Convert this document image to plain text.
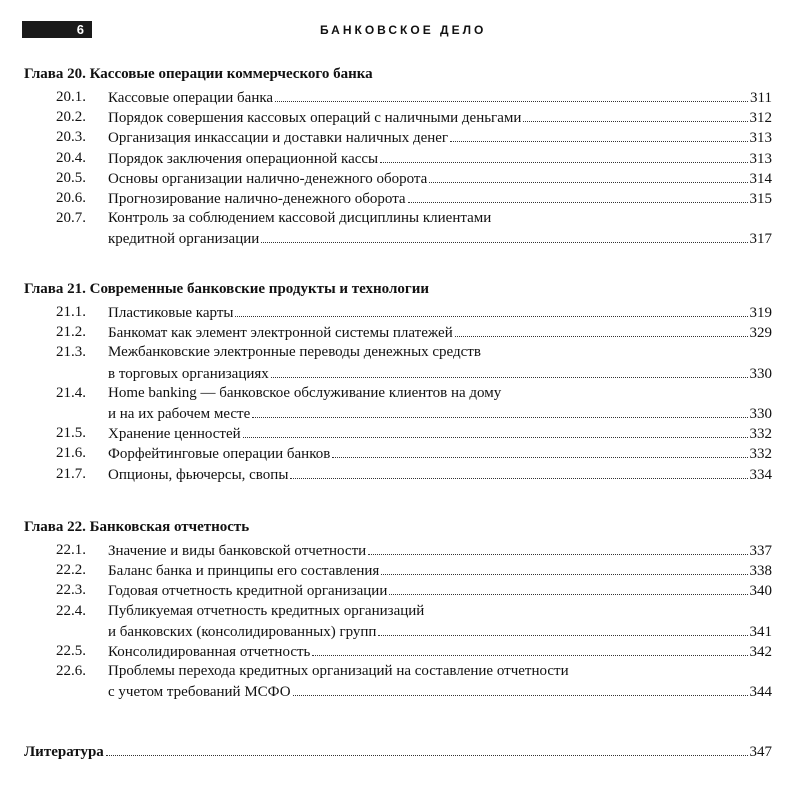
6	БАНКОВСКОЕ ДЕЛО
Глава 20. Кассовые операции коммерческого банка
20.1.	Кассовые операции банка	311
20.2.	Порядок совершения кассовых операций с наличными деньгами	312
20.3.	Организация инкассации и доставки наличных денег	313
20.4.	Порядок заключения операционной кассы	313
20.5.	Основы организации налично-денежного оборота	314
20.6.	Прогнозирование налично-денежного оборота	315
20.7.	Контроль за соблюдением кассовой дисциплины клиентами
кредитной организации	317
Глава 21. Современные банковские продукты и технологии
21.1.	Пластиковые карты	319
21.2.	Банкомат как элемент электронной системы платежей	329
21.3.	Межбанковские электронные переводы денежных средств
в торговых организациях	330
21.4.	Home banking — банковское обслуживание клиентов на дому
и на их рабочем месте	330
21.5.	Хранение ценностей	332
21.6.	Форфейтинговые операции банков	332
21.7.	Опционы, фьючерсы, свопы	334
Глава 22. Банковская отчетность
22.1.	Значение и виды банковской отчетности	337
22.2.	Баланс банка и принципы его составления	338
22.3.	Годовая отчетность кредитной организации	340
22.4.	Публикуемая отчетность кредитных организаций
и банковских (консолидированных) групп	341
22.5.	Консолидированная отчетность	342
22.6.	Проблемы перехода кредитных организаций на составление отчетности
с учетом требований МСФО	344
Литература	347
